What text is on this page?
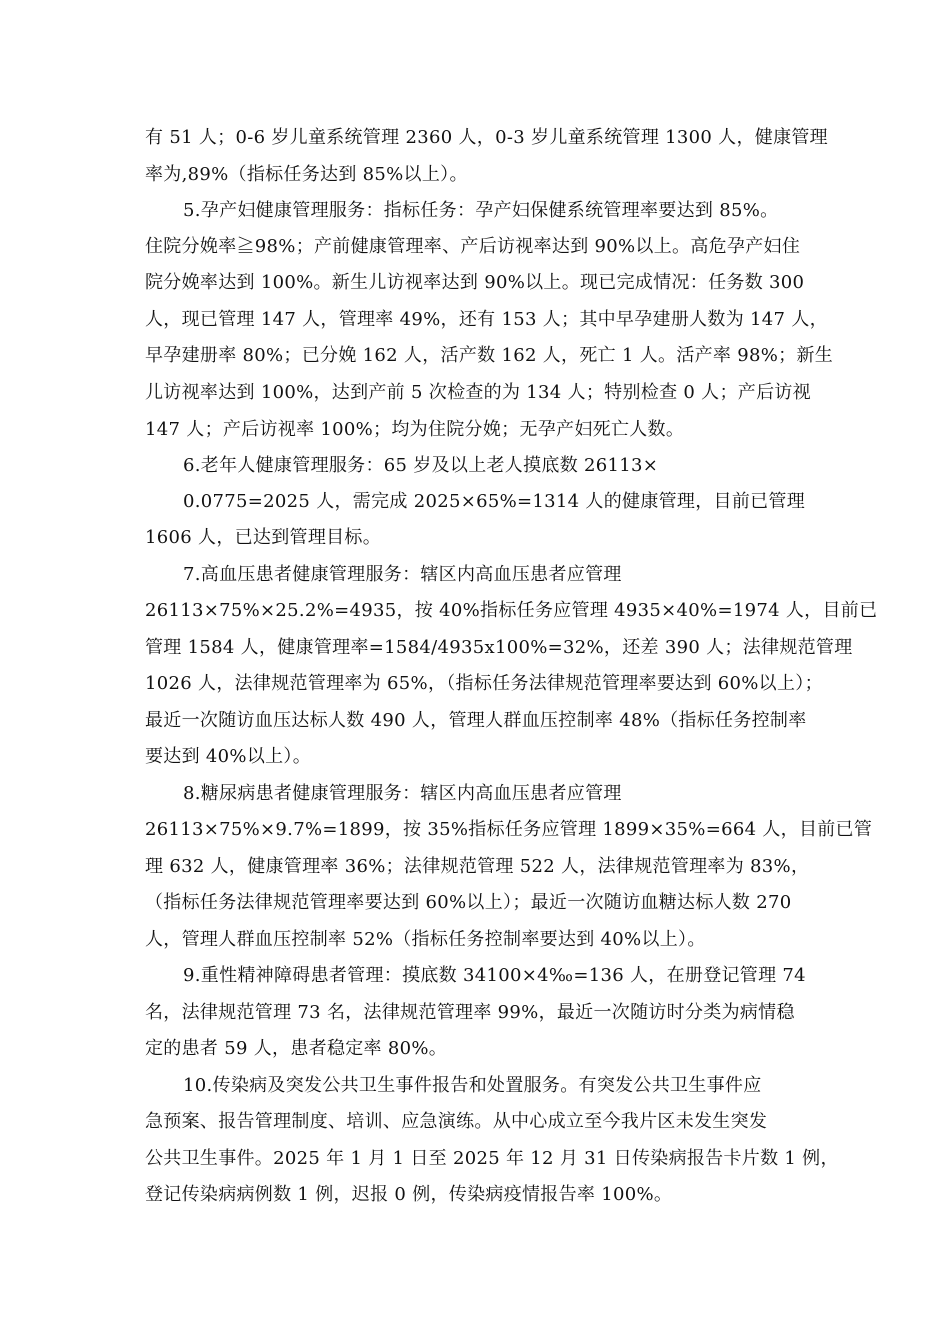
有 51 人；0-6 岁儿童系统管理 2360 人，0-3 岁儿童系统管理 1300 人，健康管理
率为,89%（指标任务达到 85%以上）。
5.孕产妇健康管理服务：指标任务：孕产妇保健系统管理率要达到 85%。
住院分娩率≧98%；产前健康管理率、产后访视率达到 90%以上。高危孕产妇住
院分娩率达到 100%。新生儿访视率达到 90%以上。现已完成情况：任务数 300
人，现已管理 147 人，管理率 49%，还有 153 人；其中早孕建册人数为 147 人，
早孕建册率 80%；已分娩 162 人，活产数 162 人，死亡 1 人。活产率 98%；新生
儿访视率达到 100%，达到产前 5 次检查的为 134 人；特别检查 0 人；产后访视
147 人；产后访视率 100%；均为住院分娩；无孕产妇死亡人数。
6.老年人健康管理服务：65 岁及以上老人摸底数 26113×
0.0775=2025 人，需完成 2025×65%=1314 人的健康管理，目前已管理
1606 人，已达到管理目标。
7.高血压患者健康管理服务：辖区内高血压患者应管理
26113×75%×25.2%=4935，按 40%指标任务应管理 4935×40%=1974 人，目前已
管理 1584 人，健康管理率=1584/4935x100%=32%，还差 390 人；法律规范管理
1026 人，法律规范管理率为 65%，（指标任务法律规范管理率要达到 60%以上）；
最近一次随访血压达标人数 490 人，管理人群血压控制率 48%（指标任务控制率
要达到 40%以上）。
8.糖尿病患者健康管理服务：辖区内高血压患者应管理
26113×75%×9.7%=1899，按 35%指标任务应管理 1899×35%=664 人，目前已管
理 632 人，健康管理率 36%；法律规范管理 522 人，法律规范管理率为 83%，
（指标任务法律规范管理率要达到 60%以上）；最近一次随访血糖达标人数 270
人，管理人群血压控制率 52%（指标任务控制率要达到 40%以上）。
9.重性精神障碍患者管理：摸底数 34100×4‰=136 人，在册登记管理 74
名，法律规范管理 73 名，法律规范管理率 99%，最近一次随访时分类为病情稳
定的患者 59 人，患者稳定率 80%。
10.传染病及突发公共卫生事件报告和处置服务。有突发公共卫生事件应
急预案、报告管理制度、培训、应急演练。从中心成立至今我片区未发生突发
公共卫生事件。2025 年 1 月 1 日至 2025 年 12 月 31 日传染病报告卡片数 1 例，
登记传染病病例数 1 例，迟报 0 例，传染病疫情报告率 100%。
